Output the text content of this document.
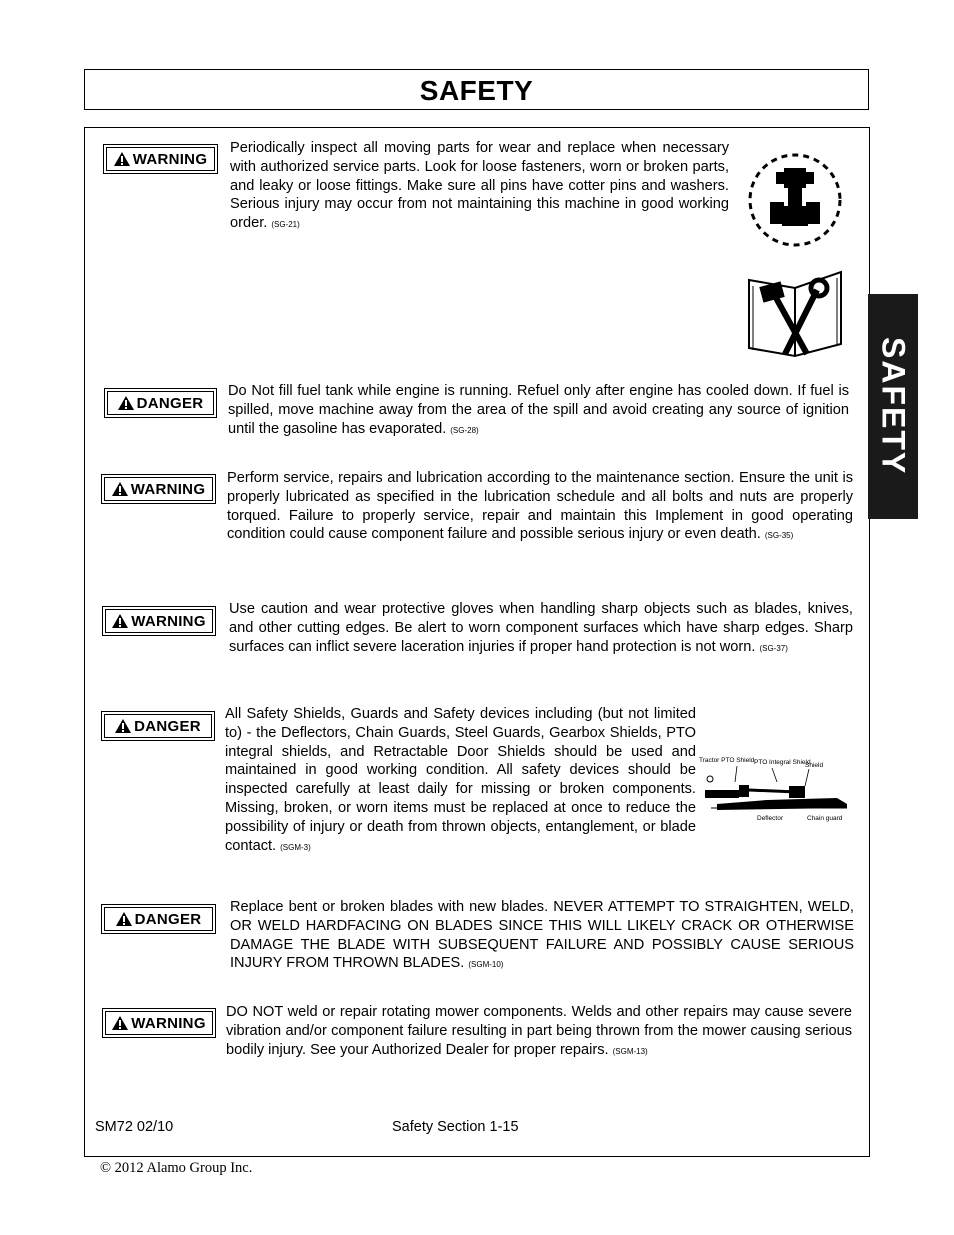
SAFETY
SAFETY
WARNING
Periodically inspect all moving parts for wear and replace when necessary with authorized service parts. Look for loose fasteners, worn or broken parts, and leaky or loose fittings. Make sure all pins have cotter pins and washers. Serious injury may occur from not maintaining this machine in good working order. (SG-21)
DANGER
Do Not fill fuel tank while engine is running. Refuel only after engine has cooled down. If fuel is spilled, move machine away from the area of the spill and avoid creating any source of ignition until the gasoline has evaporated. (SG-28)
WARNING
Perform service, repairs and lubrication according to the maintenance section. Ensure the unit is properly lubricated as specified in the lubrication schedule and all bolts and nuts are properly torqued. Failure to properly service, repair and maintain this Implement in good operating condition could cause component failure and possible serious injury or even death. (SG-35)
WARNING
Use caution and wear protective gloves when handling sharp objects such as blades, knives, and other cutting edges. Be alert to worn component surfaces which have sharp edges. Sharp surfaces can inflict severe laceration injuries if proper hand protection is not worn. (SG-37)
DANGER
All Safety Shields, Guards and Safety devices including (but not limited to) - the Deflectors, Chain Guards, Steel Guards, Gearbox Shields, PTO integral shields, and Retractable Door Shields should be used and maintained in good working condition. All safety devices should be inspected carefully at least daily for missing or broken components. Missing, broken, or worn items must be replaced at once to reduce the possibility of injury or death from thrown objects, entanglement, or blade contact. (SGM-3)
Tractor PTO Shield PTO Integral Shield
Shield
Deflector	Chain guard
DANGER
Replace bent or broken blades with new blades. NEVER ATTEMPT TO STRAIGHTEN, WELD, OR WELD HARDFACING ON BLADES SINCE THIS WILL LIKELY CRACK OR OTHERWISE DAMAGE THE BLADE WITH SUBSEQUENT FAILURE AND POSSIBLY CAUSE SERIOUS INJURY FROM THROWN BLADES. (SGM-10)
WARNING
DO NOT weld or repair rotating mower components. Welds and other repairs may cause severe vibration and/or component failure resulting in part being thrown from the mower causing serious bodily injury. See your Authorized Dealer for proper repairs. (SGM-13)
SM72 02/10	Safety Section 1-15
© 2012 Alamo Group Inc.
